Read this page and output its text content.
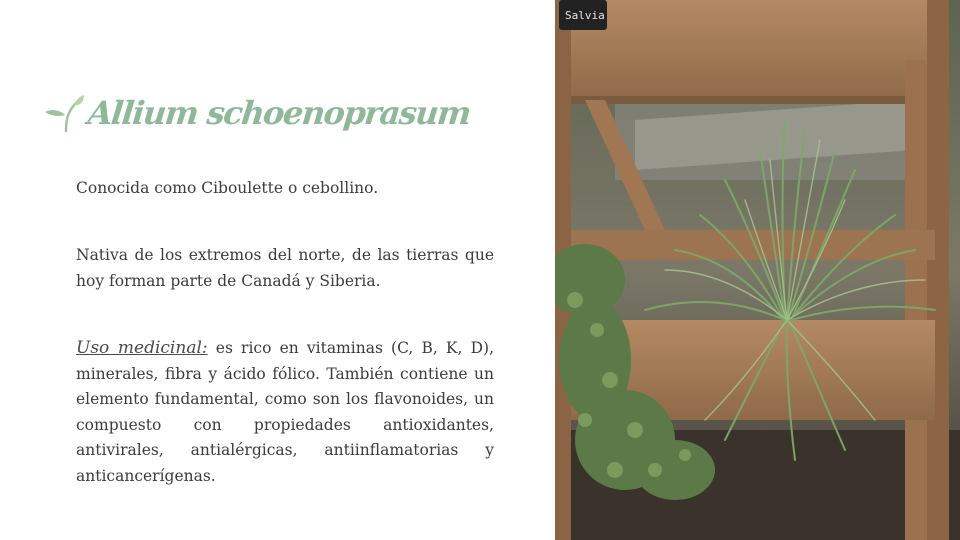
Allium schoenoprasum
Conocida como Ciboulette o cebollino.
Nativa de los extremos del norte, de las tierras que hoy forman parte de Canadá y Siberia.
Uso medicinal: es rico en vitaminas (C, B, K, D), minerales, fibra y ácido fólico. También contiene un elemento fundamental, como son los flavonoides, un compuesto con propiedades antioxidantes, antivirales, antialérgicas, antiinflamatorias y anticancerígenas.
Salvia
